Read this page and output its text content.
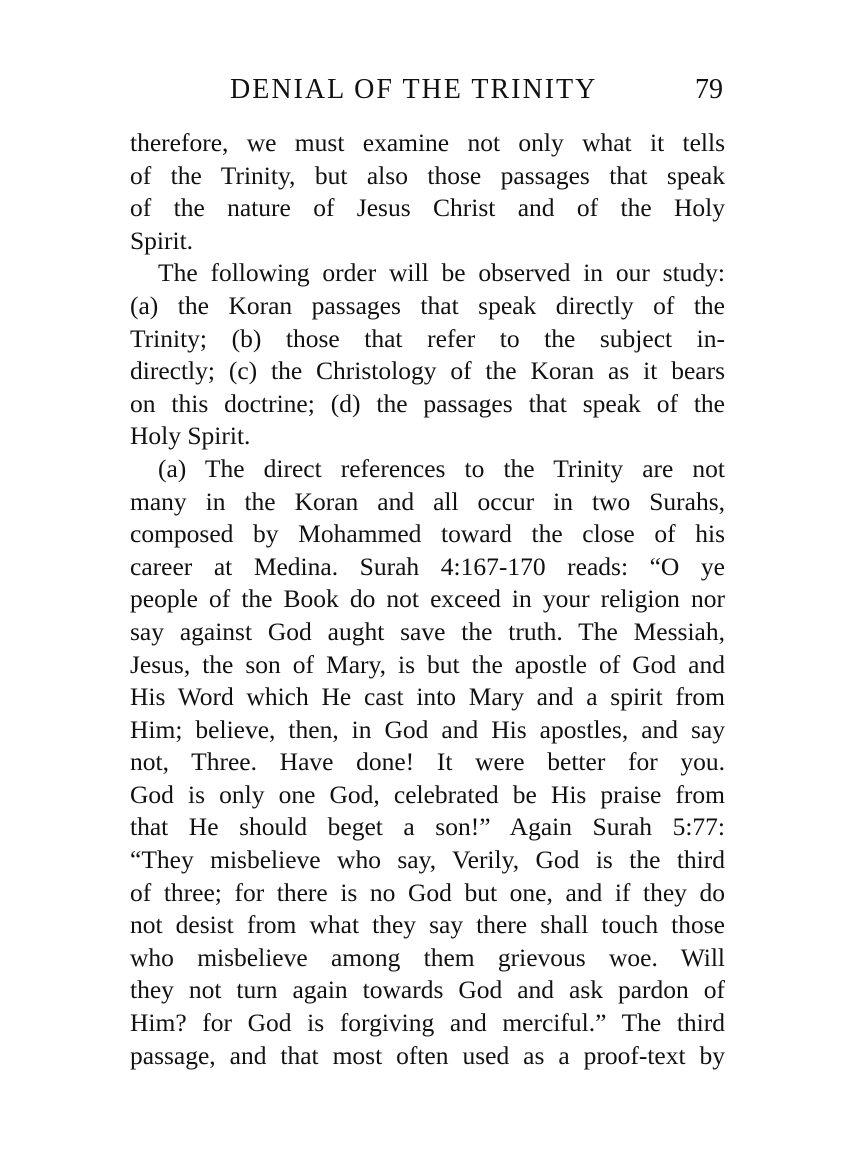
DENIAL OF THE TRINITY	79
therefore, we must examine not only what it tells
of the Trinity, but also those passages that speak
of the nature of Jesus Christ and of the Holy
Spirit.
The following order will be observed in our study:
(a) the Koran passages that speak directly of the
Trinity; (b) those that refer to the subject in-
directly; (c) the Christology of the Koran as it bears
on this doctrine; (d) the passages that speak of the
Holy Spirit.
(a) The direct references to the Trinity are not
many in the Koran and all occur in two Surahs,
composed by Mohammed toward the close of his
career at Medina. Surah 4:167-170 reads: “O ye
people of the Book do not exceed in your religion nor
say against God aught save the truth. The Messiah,
Jesus, the son of Mary, is but the apostle of God and
His Word which He cast into Mary and a spirit from
Him; believe, then, in God and His apostles, and say
not, Three. Have done! It were better for you.
God is only one God, celebrated be His praise from
that He should beget a son!” Again Surah 5:77:
“They misbelieve who say, Verily, God is the third
of three; for there is no God but one, and if they do
not desist from what they say there shall touch those
who misbelieve among them grievous woe. Will
they not turn again towards God and ask pardon of
Him? for God is forgiving and merciful.” The third
passage, and that most often used as a proof-text by
